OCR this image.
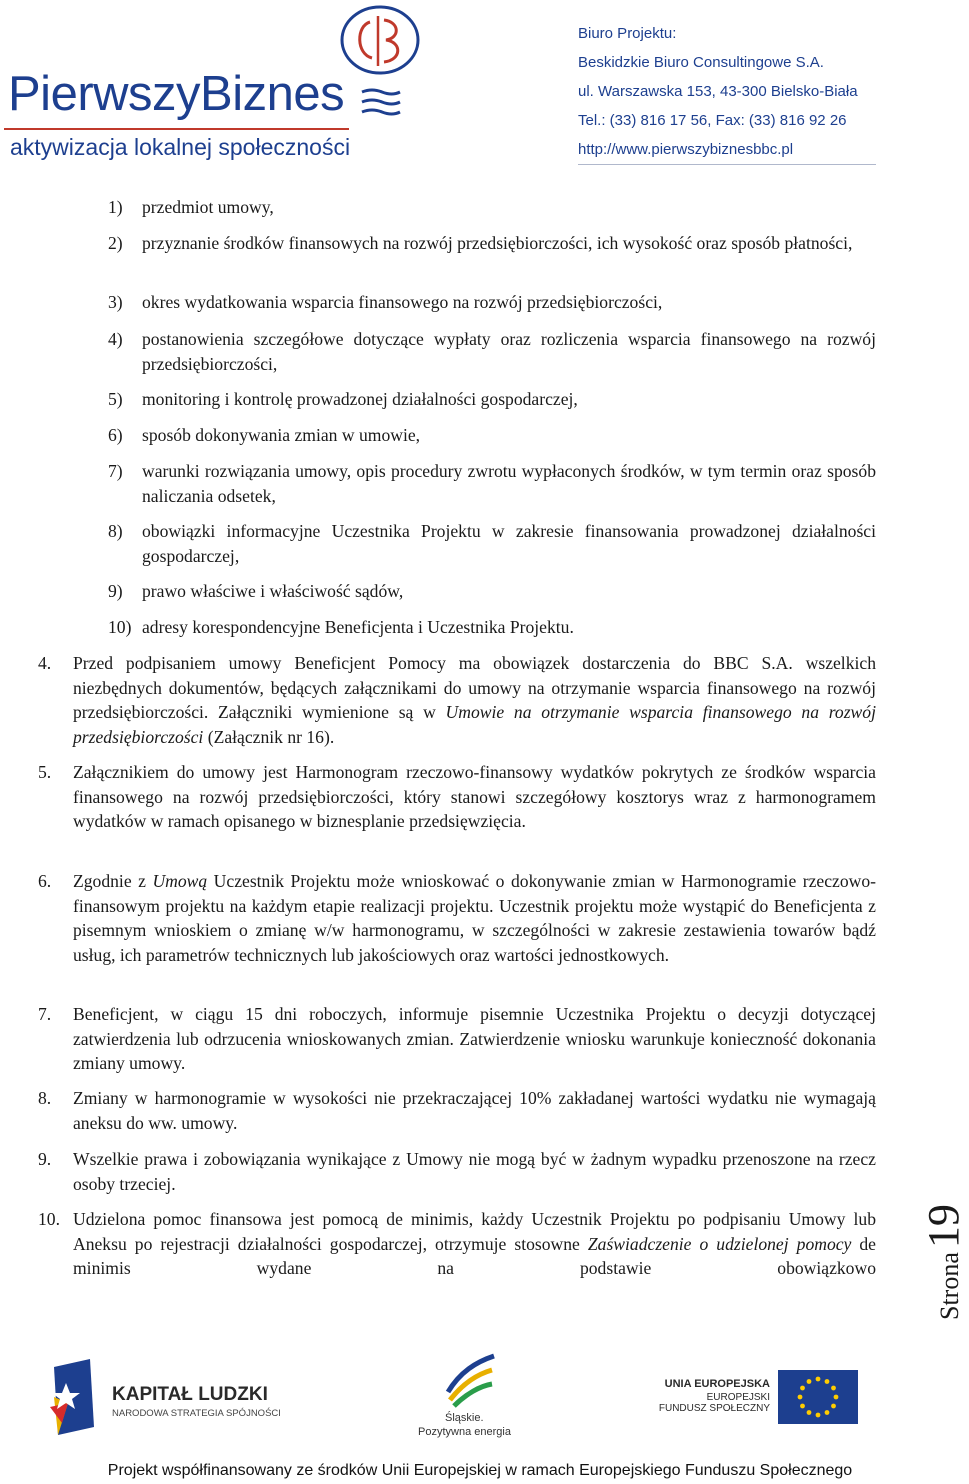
PierwszyBiznes
aktywizacja lokalnej społeczności
Biuro Projektu:
Beskidzkie Biuro Consultingowe S.A.
ul. Warszawska 153, 43-300 Bielsko-Biała
Tel.: (33) 816 17 56, Fax: (33) 816 92 26
http://www.pierwszybiznesbbc.pl
1) przedmiot umowy,
2) przyznanie środków finansowych na rozwój przedsiębiorczości, ich wysokość oraz sposób płatności,
3) okres wydatkowania wsparcia finansowego na rozwój przedsiębiorczości,
4) postanowienia szczegółowe dotyczące wypłaty oraz rozliczenia wsparcia finansowego na rozwój przedsiębiorczości,
5) monitoring i kontrolę prowadzonej działalności gospodarczej,
6) sposób dokonywania zmian w umowie,
7) warunki rozwiązania umowy, opis procedury zwrotu wypłaconych środków, w tym termin oraz sposób naliczania odsetek,
8) obowiązki informacyjne Uczestnika Projektu w zakresie finansowania prowadzonej działalności gospodarczej,
9) prawo właściwe i właściwość sądów,
10) adresy korespondencyjne Beneficjenta i Uczestnika Projektu.
4. Przed podpisaniem umowy Beneficjent Pomocy ma obowiązek dostarczenia do BBC S.A. wszelkich niezbędnych dokumentów, będących załącznikami do umowy na otrzymanie wsparcia finansowego na rozwój przedsiębiorczości. Załączniki wymienione są w Umowie na otrzymanie wsparcia finansowego na rozwój przedsiębiorczości (Załącznik nr 16).
5. Załącznikiem do umowy jest Harmonogram rzeczowo-finansowy wydatków pokrytych ze środków wsparcia finansowego na rozwój przedsiębiorczości, który stanowi szczegółowy kosztorys wraz z harmonogramem wydatków w ramach opisanego w biznesplanie przedsięwzięcia.
6. Zgodnie z Umową Uczestnik Projektu może wnioskować o dokonywanie zmian w Harmonogramie rzeczowo-finansowym projektu na każdym etapie realizacji projektu. Uczestnik projektu może wystąpić do Beneficjenta z pisemnym wnioskiem o zmianę w/w harmonogramu, w szczególności w zakresie zestawienia towarów bądź usług, ich parametrów technicznych lub jakościowych oraz wartości jednostkowych.
7. Beneficjent, w ciągu 15 dni roboczych, informuje pisemnie Uczestnika Projektu o decyzji dotyczącej zatwierdzenia lub odrzucenia wnioskowanych zmian. Zatwierdzenie wniosku warunkuje konieczność dokonania zmiany umowy.
8. Zmiany w harmonogramie w wysokości nie przekraczającej 10% zakładanej wartości wydatku nie wymagają aneksu do ww. umowy.
9. Wszelkie prawa i zobowiązania wynikające z Umowy nie mogą być w żadnym wypadku przenoszone na rzecz osoby trzeciej.
10. Udzielona pomoc finansowa jest pomocą de minimis, każdy Uczestnik Projektu po podpisaniu Umowy lub Aneksu po rejestracji działalności gospodarczej, otrzymuje stosowne Zaświadczenie o udzielonej pomocy de minimis wydane na podstawie obowiązkowo	Strona 19
KAPITAŁ LUDZKI
NARODOWA STRATEGIA SPÓJNOŚCI	Śląskie.
Pozytywna energia
UNIA EUROPEJSKA
EUROPEJSKI
FUNDUSZ SPOŁECZNY
Projekt współfinansowany ze środków Unii Europejskiej w ramach Europejskiego Funduszu Społecznego
